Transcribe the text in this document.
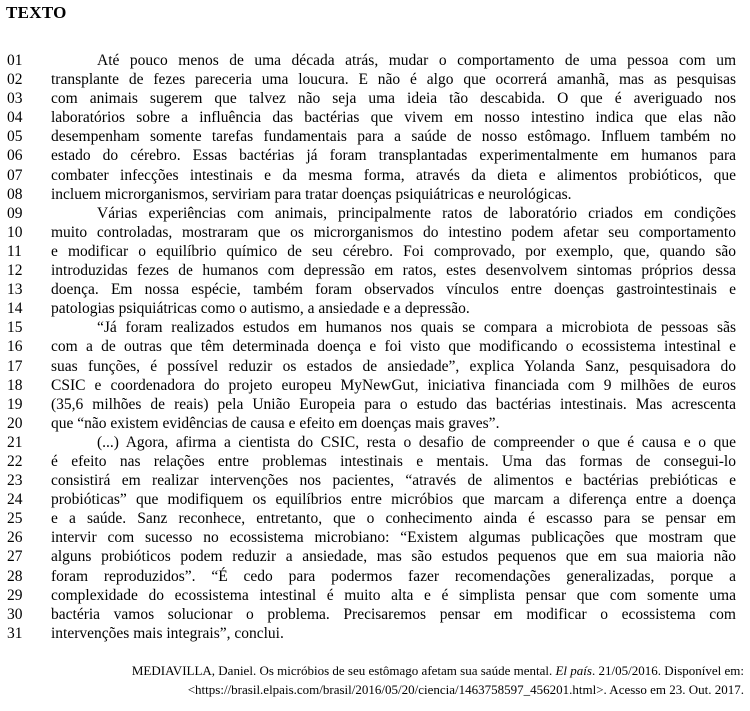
TEXTO
01	Até pouco menos de uma década atrás, mudar o comportamento de uma pessoa com um
02 transplante de fezes pareceria uma loucura. E não é algo que ocorrerá amanhã, mas as pesquisas
03 com animais sugerem que talvez não seja uma ideia tão descabida. O que é averiguado nos
04 laboratórios sobre a influência das bactérias que vivem em nosso intestino indica que elas não
05 desempenham somente tarefas fundamentais para a saúde de nosso estômago. Influem também no
06 estado do cérebro. Essas bactérias já foram transplantadas experimentalmente em humanos para
07 combater infecções intestinais e da mesma forma, através da dieta e alimentos probióticos, que
08 incluem microrganismos, serviriam para tratar doenças psiquiátricas e neurológicas.
09	Várias experiências com animais, principalmente ratos de laboratório criados em condições
10 muito controladas, mostraram que os microrganismos do intestino podem afetar seu comportamento
11 e modificar o equilíbrio químico de seu cérebro. Foi comprovado, por exemplo, que, quando são
12 introduzidas fezes de humanos com depressão em ratos, estes desenvolvem sintomas próprios dessa
13 doença. Em nossa espécie, também foram observados vínculos entre doenças gastrointestinais e
14 patologias psiquiátricas como o autismo, a ansiedade e a depressão.
15	“Já foram realizados estudos em humanos nos quais se compara a microbiota de pessoas sãs
16 com a de outras que têm determinada doença e foi visto que modificando o ecossistema intestinal e
17 suas funções, é possível reduzir os estados de ansiedade”, explica Yolanda Sanz, pesquisadora do
18 CSIC e coordenadora do projeto europeu MyNewGut, iniciativa financiada com 9 milhões de euros
19 (35,6 milhões de reais) pela União Europeia para o estudo das bactérias intestinais. Mas acrescenta
20 que “não existem evidências de causa e efeito em doenças mais graves”.
21	(...) Agora, afirma a cientista do CSIC, resta o desafio de compreender o que é causa e o que
22 é efeito nas relações entre problemas intestinais e mentais. Uma das formas de consegui-lo
23 consistirá em realizar intervenções nos pacientes, “através de alimentos e bactérias prebióticas e
24 probióticas” que modifiquem os equilíbrios entre micróbios que marcam a diferença entre a doença
25 e a saúde. Sanz reconhece, entretanto, que o conhecimento ainda é escasso para se pensar em
26 intervir com sucesso no ecossistema microbiano: “Existem algumas publicações que mostram que
27 alguns probióticos podem reduzir a ansiedade, mas são estudos pequenos que em sua maioria não
28 foram reproduzidos”. “É cedo para podermos fazer recomendações generalizadas, porque a
29 complexidade do ecossistema intestinal é muito alta e é simplista pensar que com somente uma
30 bactéria vamos solucionar o problema. Precisaremos pensar em modificar o ecossistema com
31 intervenções mais integrais”, conclui.
MEDIAVILLA, Daniel. Os micróbios de seu estômago afetam sua saúde mental. El país. 21/05/2016. Disponível em:
<https://brasil.elpais.com/brasil/2016/05/20/ciencia/1463758597_456201.html>. Acesso em 23. Out. 2017.
